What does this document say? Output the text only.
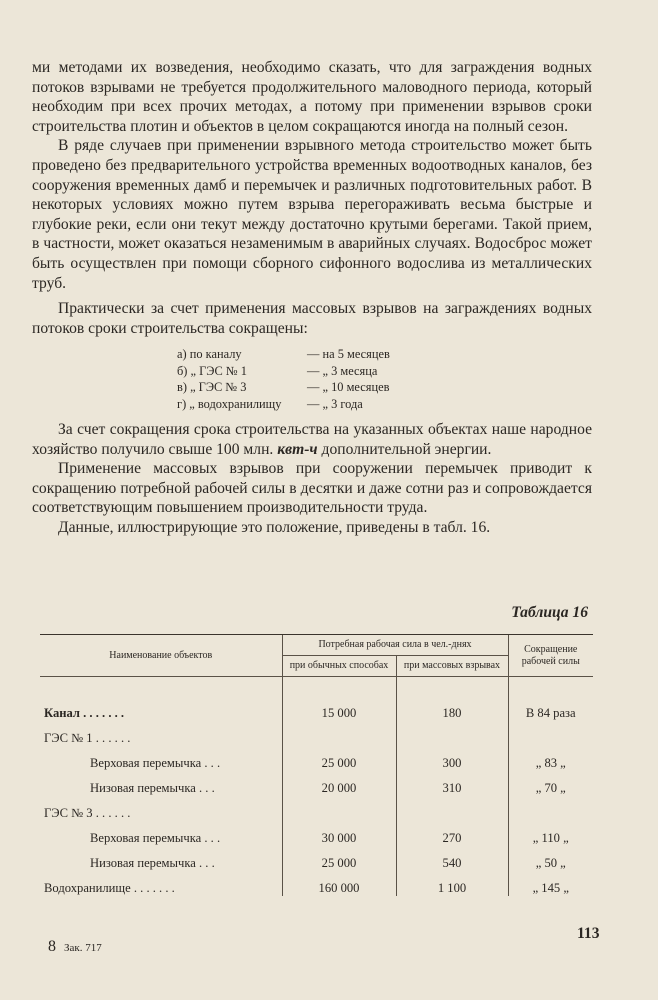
ми методами их возведения, необходимо сказать, что для заграждения водных потоков взрывами не требуется продолжительного маловодного периода, который необходим при всех прочих методах, а потому при применении взрывов сроки строительства плотин и объектов в целом сокращаются иногда на полный сезон.

В ряде случаев при применении взрывного метода строительство может быть проведено без предварительного устройства временных водоотводных каналов, без сооружения временных дамб и перемычек и различных подготовительных работ. В некоторых условиях можно путем взрыва перегораживать весьма быстрые и глубокие реки, если они текут между достаточно крутыми берегами. Такой прием, в частности, может оказаться незаменимым в аварийных случаях. Водосброс может быть осуществлен при помощи сборного сифонного водослива из металлических труб.

Практически за счет применения массовых взрывов на заграждениях водных потоков сроки строительства сокращены:

а) по каналу	— на 5 месяцев
б) „ ГЭС № 1	— „ 3 месяца
в) „ ГЭС № 3	— „ 10 месяцев
г) „ водохранилищу	— „ 3 года

За счет сокращения срока строительства на указанных объектах наше народное хозяйство получило свыше 100 млн. квт-ч дополнительной энергии.

Применение массовых взрывов при сооружении перемычек приводит к сокращению потребной рабочей силы в десятки и даже сотни раз и сопровождается соответствующим повышением производительности труда.

Данные, иллюстрирующие это положение, приведены в табл. 16.

Таблица 16
Наименование объектов	Потребная рабочая сила в чел.-днях		Сокращение рабочей силы
	при обычных способах	при массовых взрывах	
Канал . . . . . . .	15 000	180	В 84 раза
ГЭС № 1 . . . . . .			
Верховая перемычка . . .	25 000	300	„ 83 „
Низовая перемычка . . .	20 000	310	„ 70 „
ГЭС № 3 . . . . . .			
Верховая перемычка . . .	30 000	270	„ 110 „
Низовая перемычка . . .	25 000	540	„ 50 „
Водохранилище . . . . . . .	160 000	1 100	„ 145 „
8 Зак. 717
113
